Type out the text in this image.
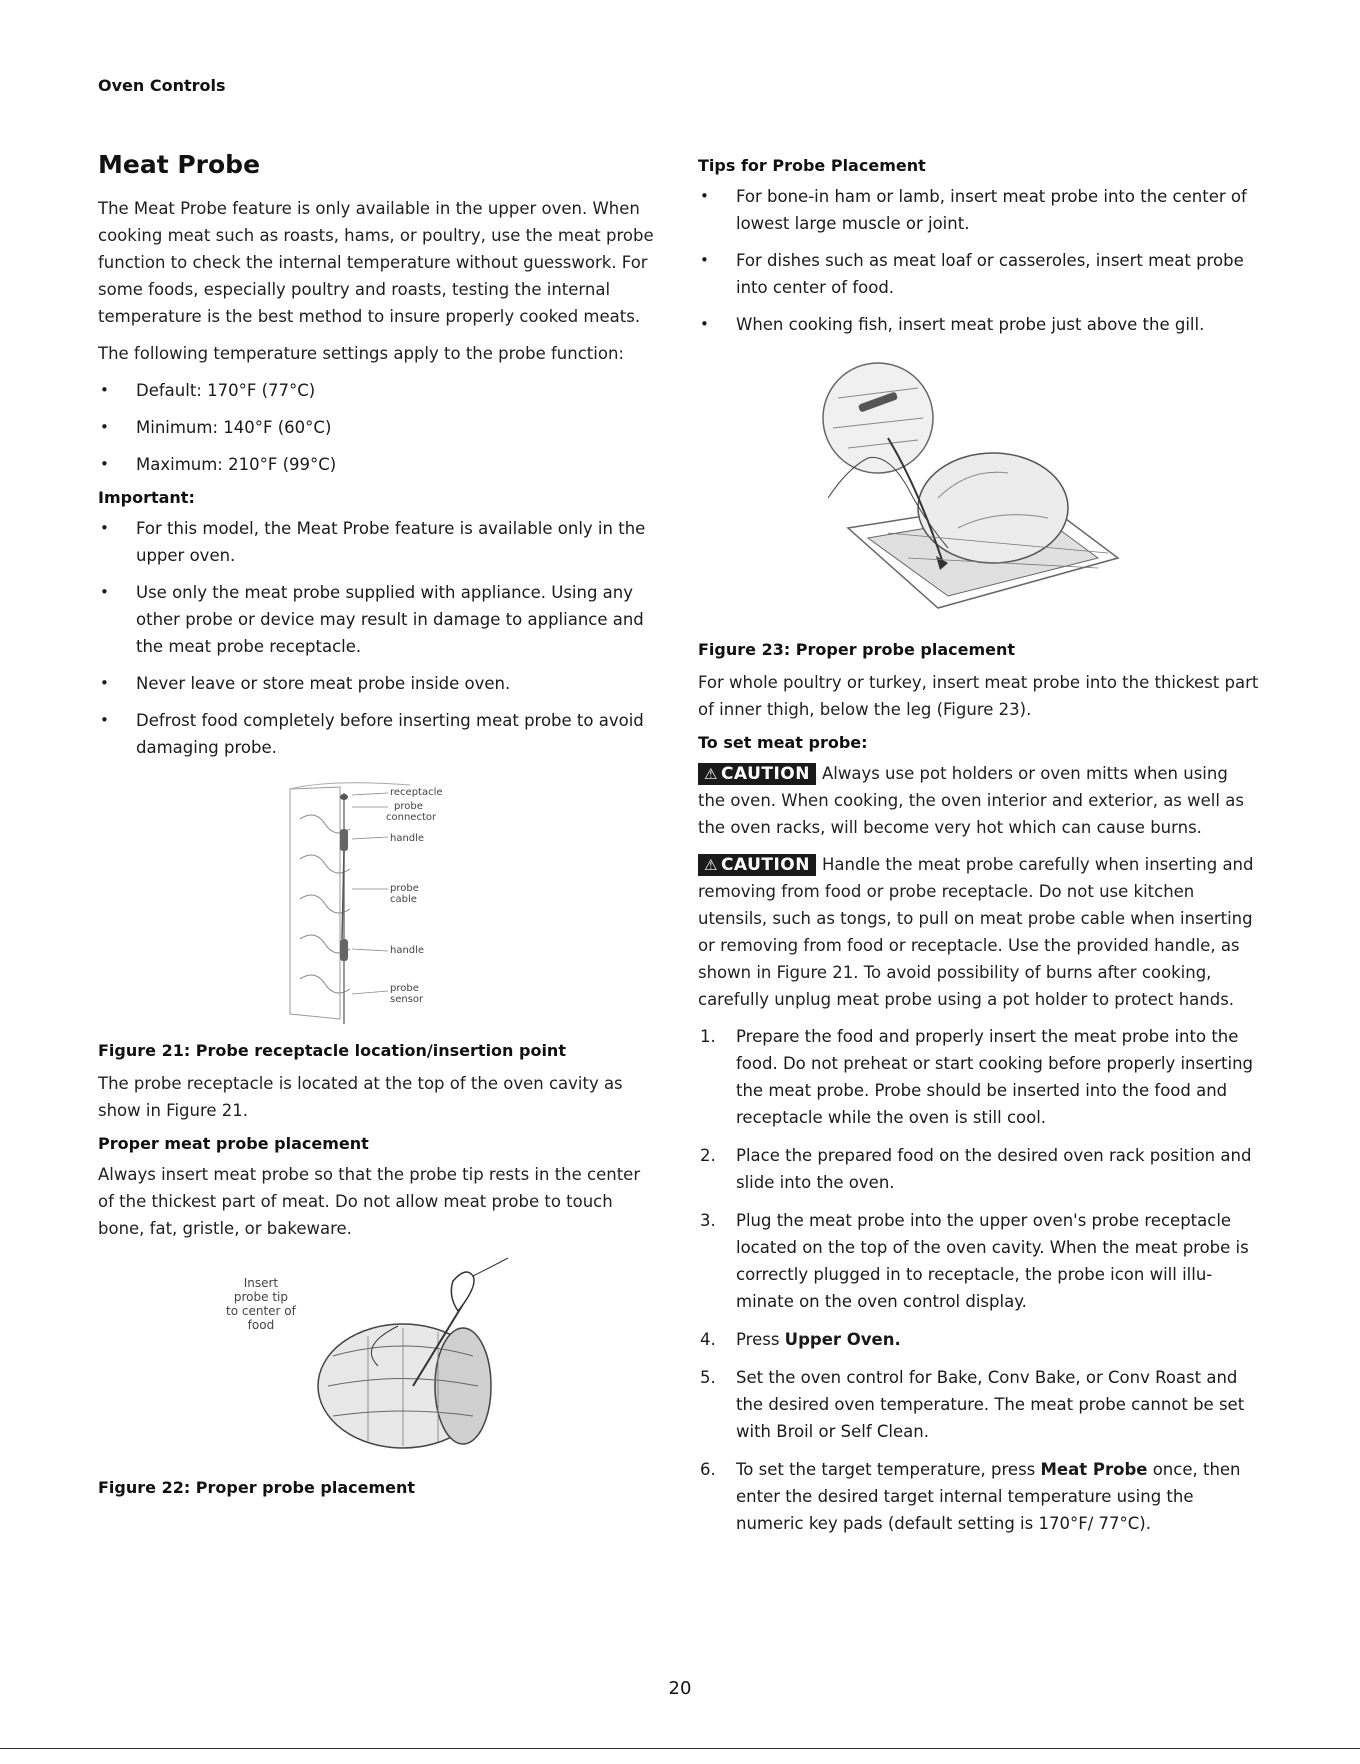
Oven Controls
Meat Probe

The Meat Probe feature is only available in the upper oven. When cooking meat such as roasts, hams, or poultry, use the meat probe function to check the internal temperature without guesswork. For some foods, especially poultry and roasts, testing the internal temperature is the best method to insure properly cooked meats.

The following temperature settings apply to the probe function:

• Default: 170°F (77°C)
• Minimum: 140°F (60°C)
• Maximum: 210°F (99°C)
Important:
• For this model, the Meat Probe feature is available only in the upper oven.
• Use only the meat probe supplied with appliance. Using any other probe or device may result in damage to appliance and the meat probe receptacle.
• Never leave or store meat probe inside oven.
• Defrost food completely before inserting meat probe to avoid damaging probe.
receptacle
probe
connector
handle
probe
cable
handle
probe
sensor
Figure 21: Probe receptacle location/insertion point

The probe receptacle is located at the top of the oven cavity as show in Figure 21.

Proper meat probe placement

Always insert meat probe so that the probe tip rests in the center of the thickest part of meat. Do not allow meat probe to touch bone, fat, gristle, or bakeware.

Insert
probe tip
to center of
food
Figure 22: Proper probe placement
Tips for Probe Placement
• For bone-in ham or lamb, insert meat probe into the center of lowest large muscle or joint.
• For dishes such as meat loaf or casseroles, insert meat probe into center of food.
• When cooking fish, insert meat probe just above the gill.
Figure 23: Proper probe placement

For whole poultry or turkey, insert meat probe into the thickest part of inner thigh, below the leg (Figure 23).

To set meat probe:

⚠ CAUTION Always use pot holders or oven mitts when using the oven. When cooking, the oven interior and exterior, as well as the oven racks, will become very hot which can cause burns.

⚠ CAUTION Handle the meat probe carefully when inserting and removing from food or probe receptacle. Do not use kitchen utensils, such as tongs, to pull on meat probe cable when inserting or removing from food or receptacle. Use the provided handle, as shown in Figure 21. To avoid possibility of burns after cooking, carefully unplug meat probe using a pot holder to protect hands.

1. Prepare the food and properly insert the meat probe into the food. Do not preheat or start cooking before properly inserting the meat probe. Probe should be inserted into the food and receptacle while the oven is still cool.
2. Place the prepared food on the desired oven rack position and slide into the oven.
3. Plug the meat probe into the upper oven's probe receptacle located on the top of the oven cavity. When the meat probe is correctly plugged in to receptacle, the probe icon will illu-minate on the oven control display.
4. Press Upper Oven.
5. Set the oven control for Bake, Conv Bake, or Conv Roast and the desired oven temperature. The meat probe cannot be set with Broil or Self Clean.
6. To set the target temperature, press Meat Probe once, then enter the desired target internal temperature using the numeric key pads (default setting is 170°F/ 77°C).
20
